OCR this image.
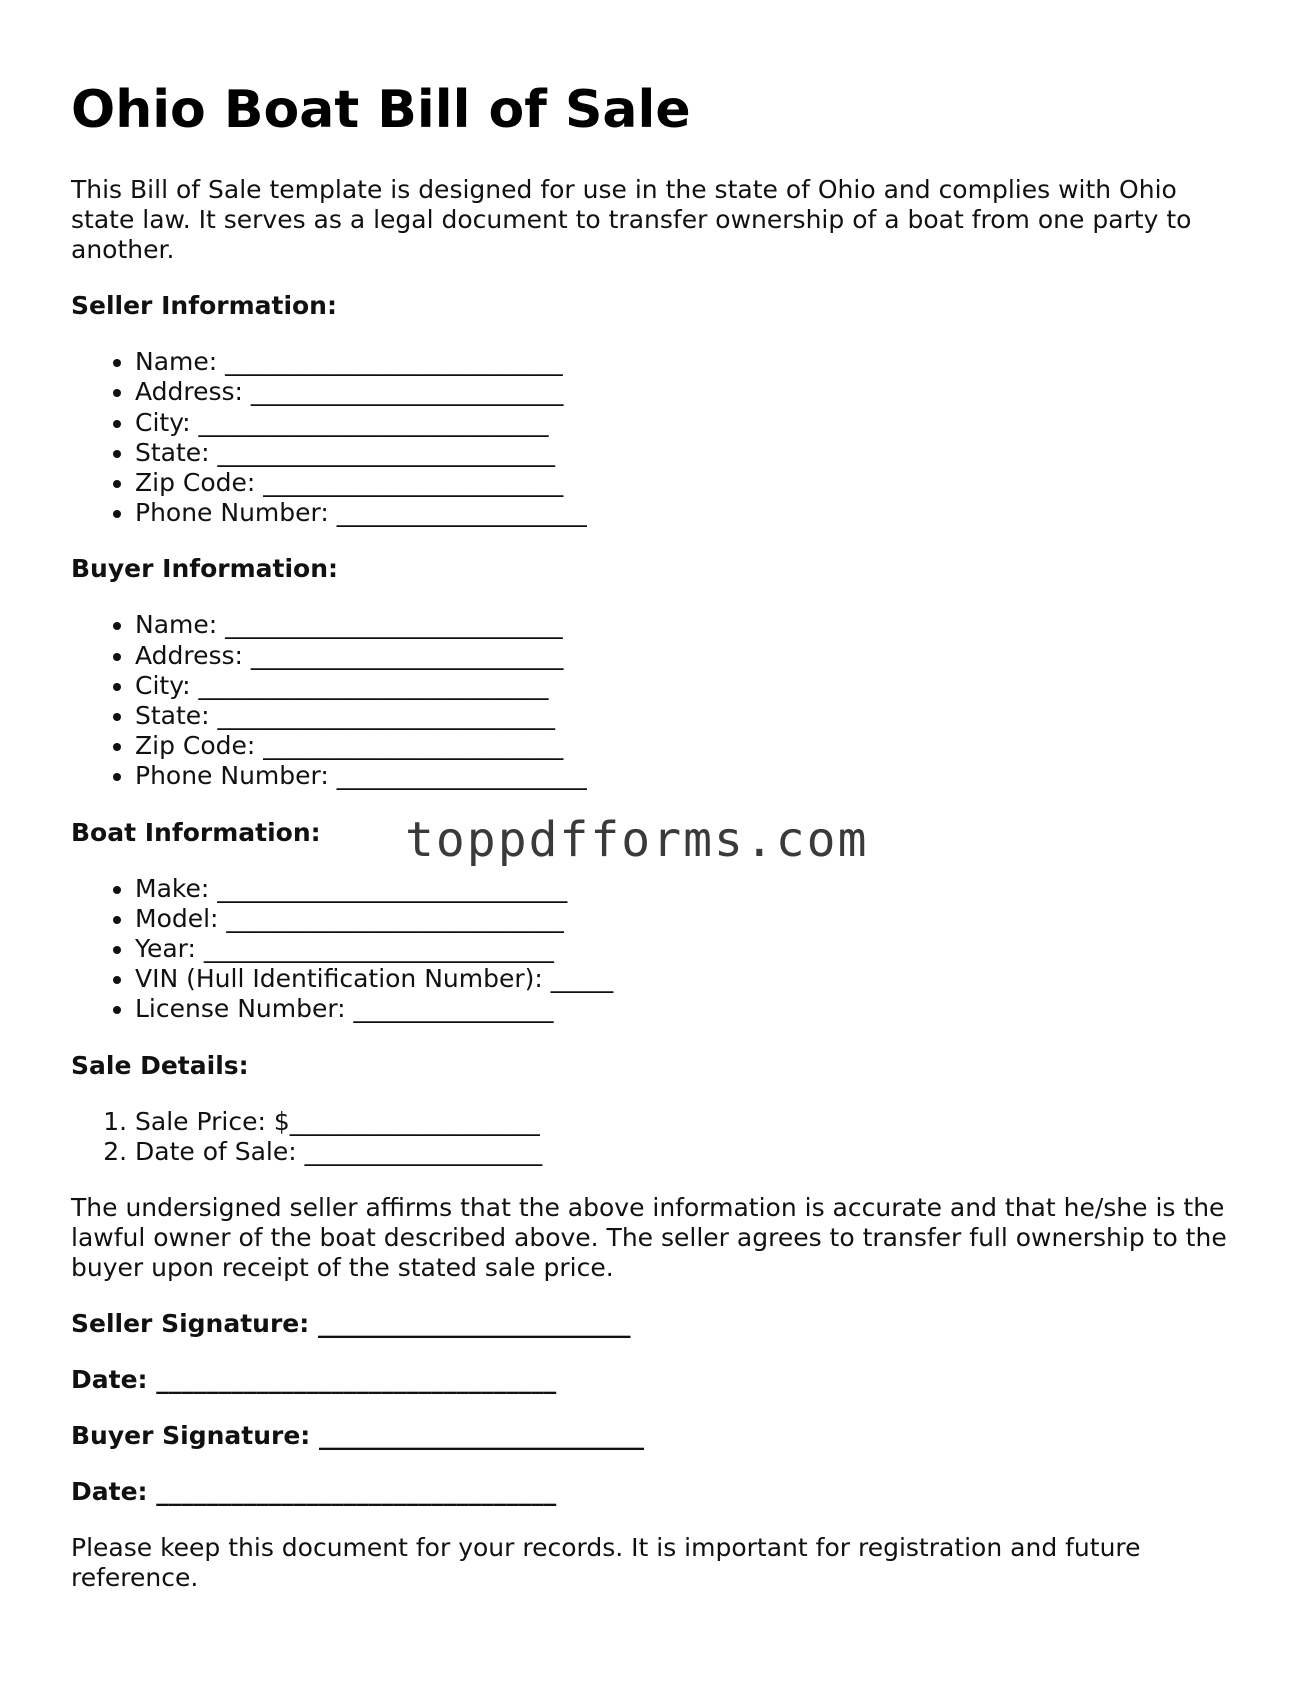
Ohio Boat Bill of Sale

This Bill of Sale template is designed for use in the state of Ohio and complies with Ohio state law. It serves as a legal document to transfer ownership of a boat from one party to another.

Seller Information:
• Name: ___________________________
• Address: _________________________
• City: ____________________________
• State: ___________________________
• Zip Code: ________________________
• Phone Number: ____________________
Buyer Information:
• Name: ___________________________
• Address: _________________________
• City: ____________________________
• State: ___________________________
• Zip Code: ________________________
• Phone Number: ____________________
Boat Information:
• Make: ____________________________
• Model: ___________________________
• Year: ____________________________
• VIN (Hull Identification Number): _____
• License Number: ________________
Sale Details:
1. Sale Price: $____________________
2. Date of Sale: ___________________

The undersigned seller affirms that the above information is accurate and that he/she is the lawful owner of the boat described above. The seller agrees to transfer full ownership to the buyer upon receipt of the stated sale price.

Seller Signature: _________________________
Date: ________________________________
Buyer Signature: __________________________
Date: ________________________________

Please keep this document for your records. It is important for registration and future reference.

toppdfforms.com
